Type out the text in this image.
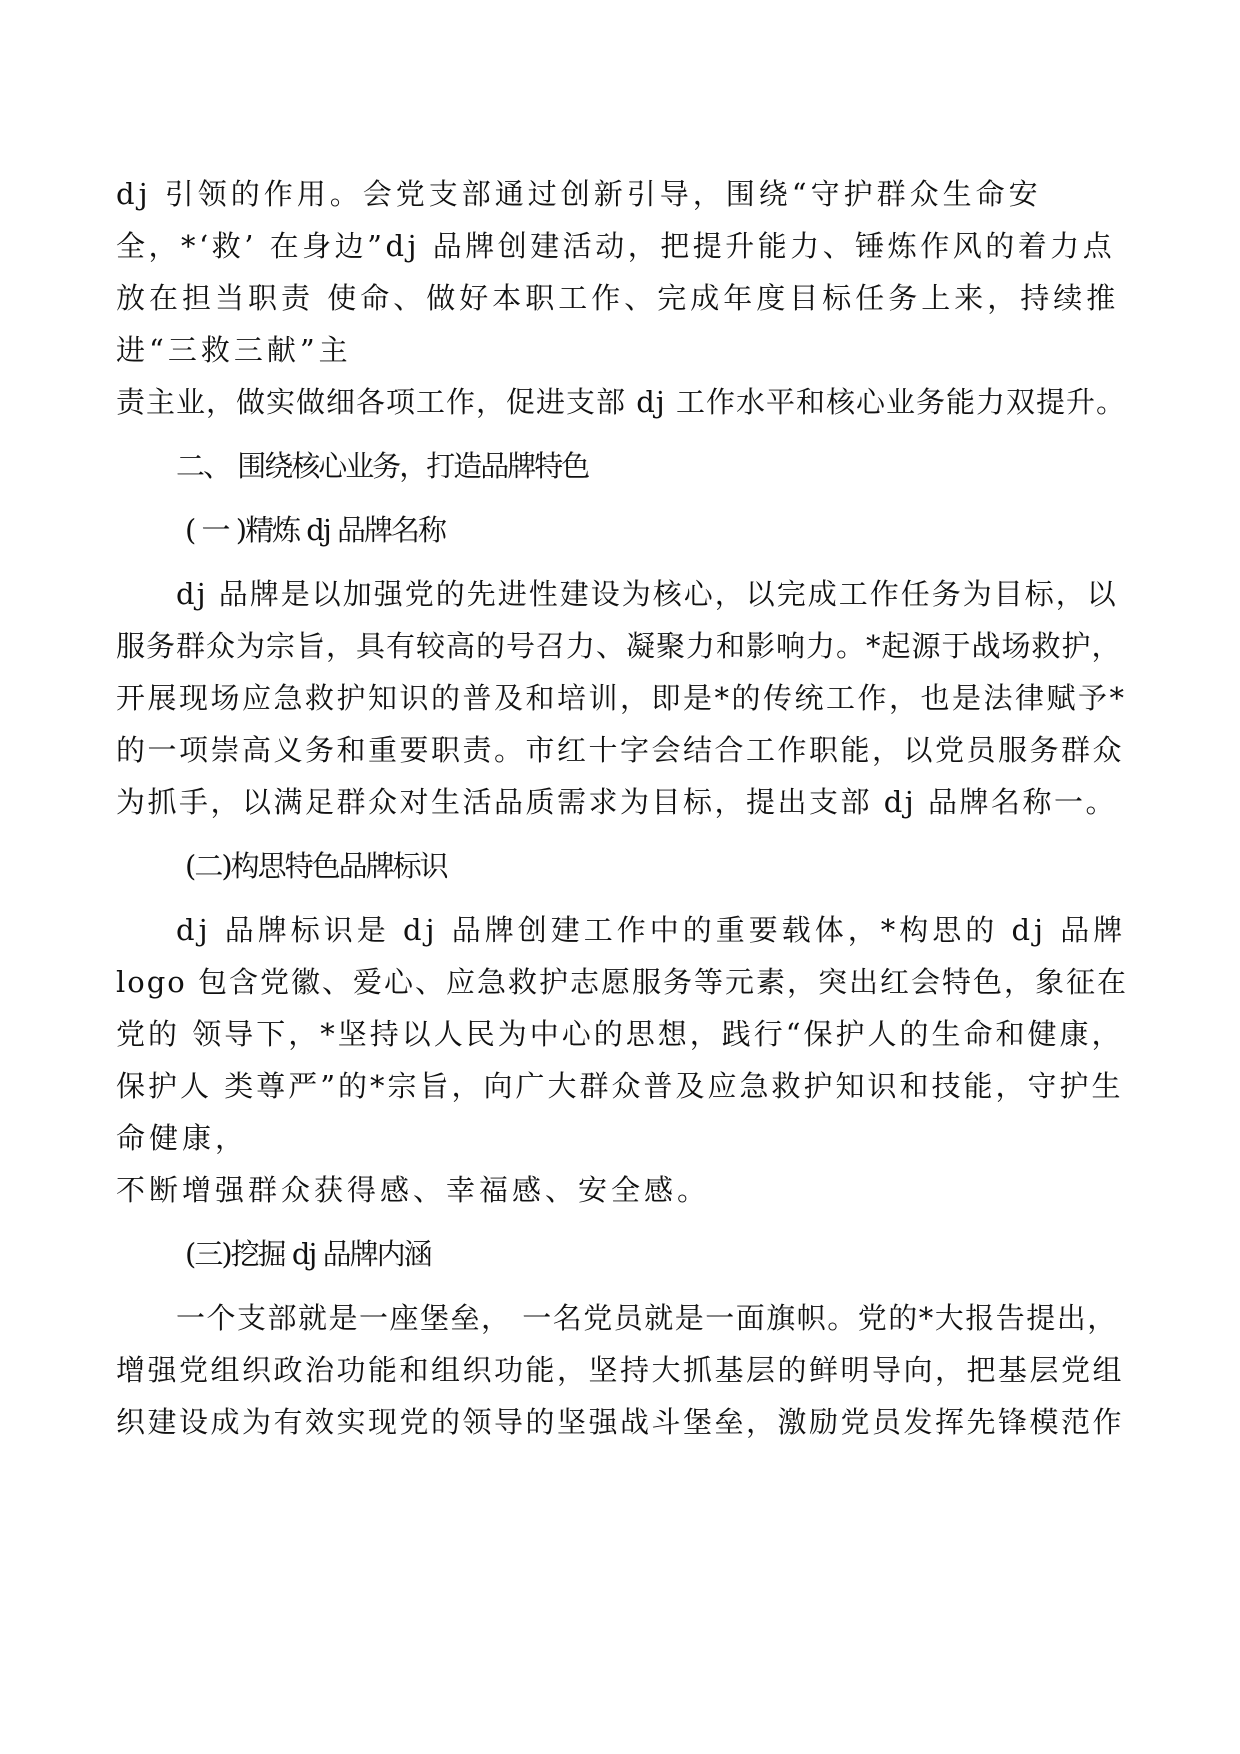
dj 引领的作用。会党支部通过创新引导，围绕“守护群众生命安
全，*‘救’ 在身边”dj 品牌创建活动，把提升能力、锤炼作风的着力点
放在担当职责 使命、做好本职工作、完成年度目标任务上来，持续推
进“三救三献”主
责主业，做实做细各项工作，促进支部 dj 工作水平和核心业务能力双提升。
二、 围绕核心业务，打造品牌特色
( 一 )精炼 dj 品牌名称
dj 品牌是以加强党的先进性建设为核心，以完成工作任务为目标，以
服务群众为宗旨，具有较高的号召力、凝聚力和影响力。*起源于战场救护，
开展现场应急救护知识的普及和培训，即是*的传统工作，也是法律赋予*
的一项崇高义务和重要职责。市红十字会结合工作职能，以党员服务群众
为抓手，以满足群众对生活品质需求为目标，提出支部 dj 品牌名称一。
(二)构思特色品牌标识
dj 品牌标识是 dj 品牌创建工作中的重要载体，*构思的 dj 品牌
logo 包含党徽、爱心、应急救护志愿服务等元素，突出红会特色，象征在
党的 领导下，*坚持以人民为中心的思想，践行“保护人的生命和健康，
保护人 类尊严”的*宗旨，向广大群众普及应急救护知识和技能，守护生
命健康，
不断增强群众获得感、幸福感、安全感。
(三)挖掘 dj 品牌内涵
一个支部就是一座堡垒， 一名党员就是一面旗帜。党的*大报告提出，
增强党组织政治功能和组织功能，坚持大抓基层的鲜明导向，把基层党组
织建设成为有效实现党的领导的坚强战斗堡垒，激励党员发挥先锋模范作
